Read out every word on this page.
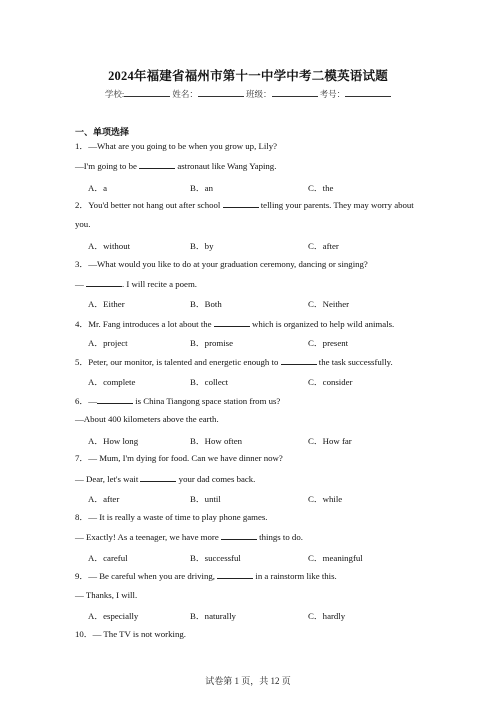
2024年福建省福州市第十一中学中考二模英语试题
学校:	姓名：	班级：	考号：
一、单项选择
1．—What are you going to be when you grow up, Lily?
—I'm going to be	astronaut like Wang Yaping.
A．a	B．an	C．the
2．You'd better not hang out after school	telling your parents. They may worry about you.
A．without	B．by	C．after
3．—What would you like to do at your graduation ceremony, dancing or singing?
—	. I will recite a poem.
A．Either	B．Both	C．Neither
4．Mr. Fang introduces a lot about the	which is organized to help wild animals.
A．project	B．promise	C．present
5．Peter, our monitor, is talented and energetic enough to	the task successfully.
A．complete	B．collect	C．consider
6．—	is China Tiangong space station from us?
—About 400 kilometers above the earth.
A．How long	B．How often	C．How far
7．— Mum, I'm dying for food. Can we have dinner now?
— Dear, let's wait	your dad comes back.
A．after	B．until	C．while
8．— It is really a waste of time to play phone games.
— Exactly! As a teenager, we have more	things to do.
A．careful	B．successful	C．meaningful
9．— Be careful when you are driving,	in a rainstorm like this.
— Thanks, I will.
A．especially	B．naturally	C．hardly
10．— The TV is not working.
试卷第 1 页，共 12 页
